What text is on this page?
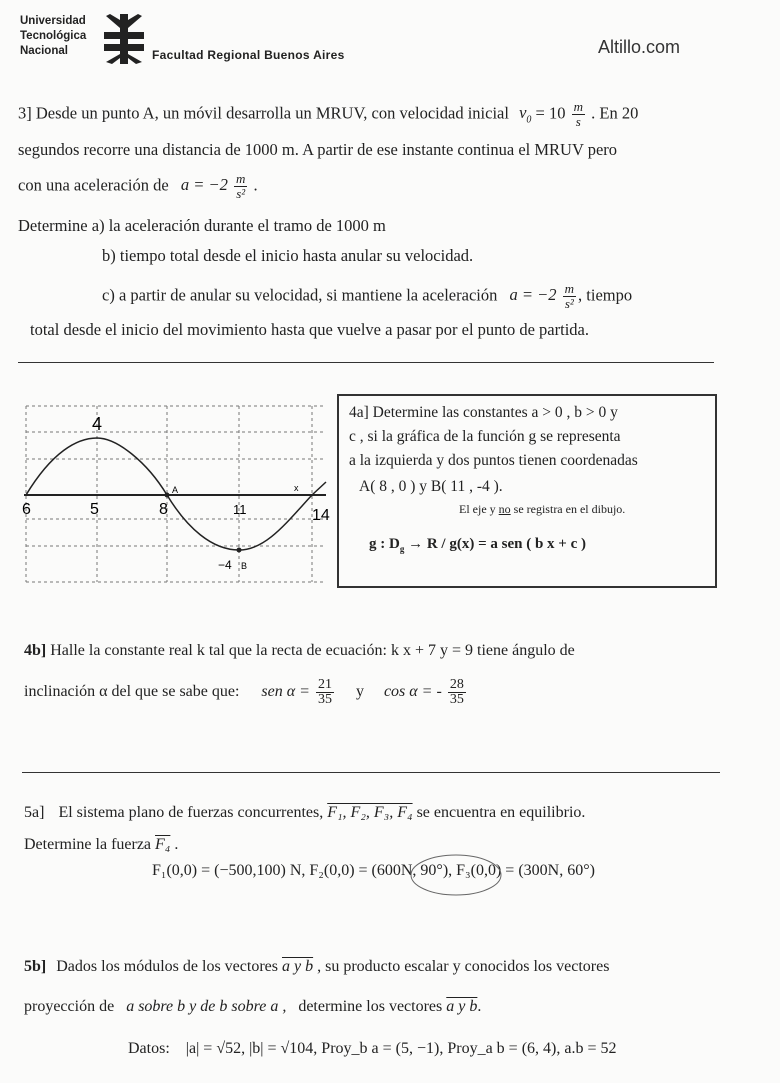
Universidad
Tecnológica
Nacional	Facultad Regional Buenos Aires	Altillo.com
3] Desde un punto A, un móvil desarrolla un MRUV, con velocidad inicial $v_0 = 10 \frac{m}{s}$ . En 20
segundos recorre una distancia de 1000 m. A partir de ese instante continua el MRUV pero
con una aceleración de $a = -2 \frac{m}{\text{s²}}$ .
Determine a) la aceleración durante el tramo de 1000 m
b) tiempo total desde el inicio hasta anular su velocidad.
c) a partir de anular su velocidad, si mantiene la aceleración $a = -2 \frac{m}{\text{s²}}$ , tiempo
total desde el inicio del movimiento hasta que vuelve a pasar por el punto de partida.
4
−4 B
A	x
6	5	8	11	14
4a] Determine las constantes a > 0 , b > 0 y
c , si la gráfica de la función g se representa
a la izquierda y dos puntos tienen coordenadas
A( 8 , 0 ) y B( 11 , -4 ).
El eje y no se registra en el dibujo.
g : $D_g \to R / g(x) = a$ sen ( b x + c )
4b] Halle la constante real k tal que la recta de ecuación: k x + 7 y = 9 tiene ángulo de
inclinación α del que se sabe que: sen $\alpha = \frac{21}{35}$ y cos α = - $\frac{28}{35}$
5a] El sistema plano de fuerzas concurrentes, F₁, F₂, F₃, F₄ se encuentra en equilibrio.
Determine la fuerza F₄ .
F₁(0,0) = (−500,100) N, F₂(0,0) = (600N, 90°), F₃(0,0) = (300N, 60°)
5b] Dados los módulos de los vectores a y b , su producto escalar y conocidos los vectores
proyección de a sobre b y de b sobre a , determine los vectores a y b.
Datos: |a| = √52, |b| = √104, Proy_b a = (5, −1), Proy_a b = (6, 4), a.b = 52
